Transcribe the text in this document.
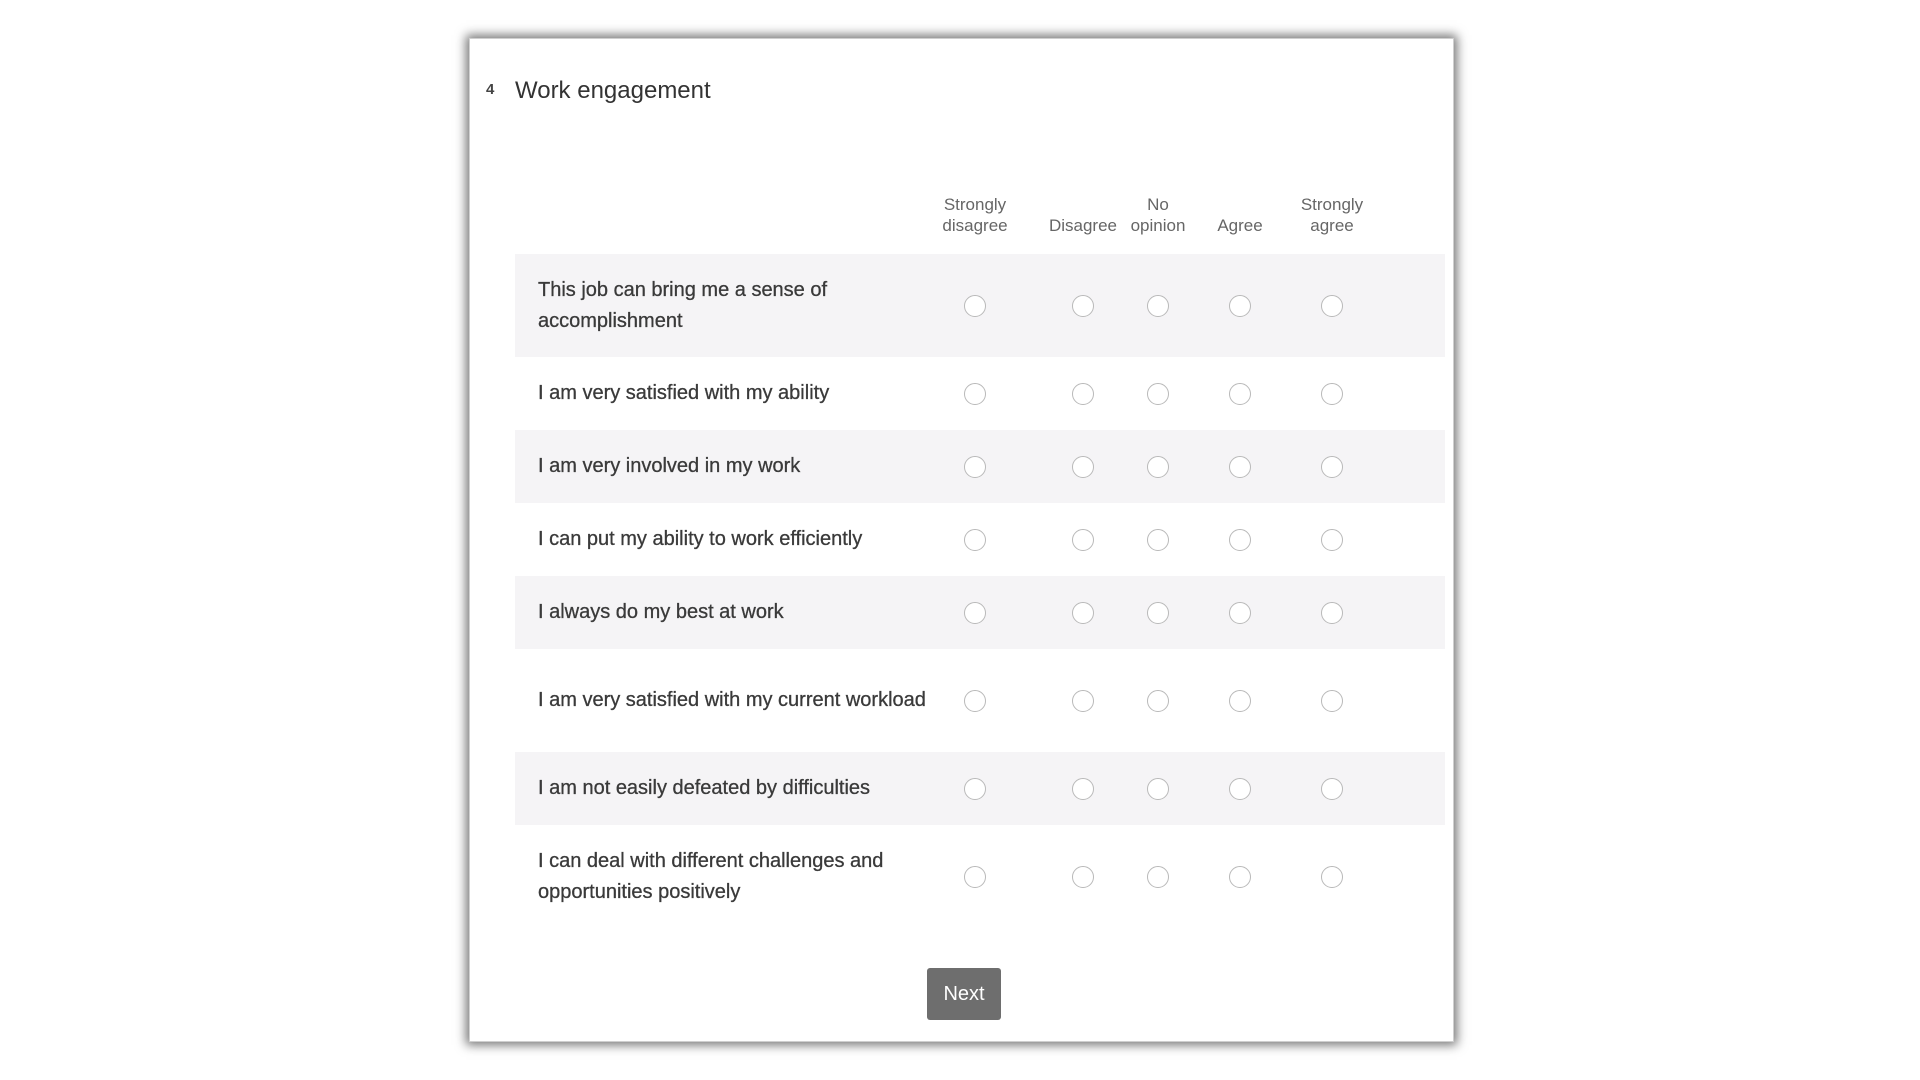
4 Work engagement
Strongly
disagree	Disagree
No
opinion	Agree
Strongly
agree
This job can bring me a sense of accomplishment
I am very satisfied with my ability
I am very involved in my work
I can put my ability to work efficiently
I always do my best at work
I am very satisfied with my current workload
I am not easily defeated by difficulties
I can deal with different challenges and opportunities positively
Next
